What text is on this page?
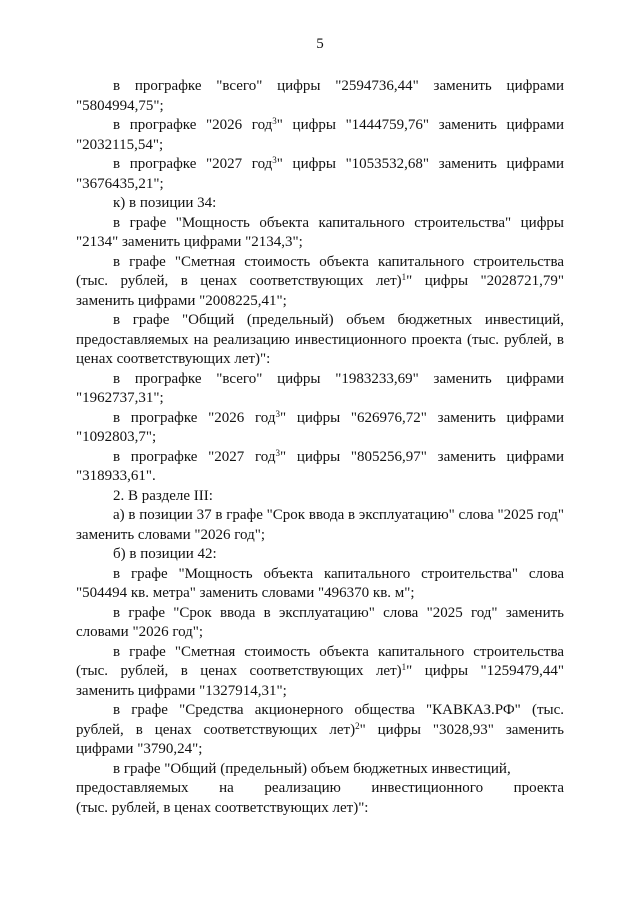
5

в прографке "всего" цифры "2594736,44" заменить цифрами "5804994,75";

в прографке "2026 год$^3$" цифры "1444759,76" заменить цифрами "2032115,54";

в прографке "2027 год$^3$" цифры "1053532,68" заменить цифрами "3676435,21";

к) в позиции 34:

в графе "Мощность объекта капитального строительства" цифры "2134" заменить цифрами "2134,3";

в графе "Сметная стоимость объекта капитального строительства (тыс. рублей, в ценах соответствующих лет)$^1$" цифры "2028721,79" заменить цифрами "2008225,41";

в графе "Общий (предельный) объем бюджетных инвестиций, предоставляемых на реализацию инвестиционного проекта (тыс. рублей, в ценах соответствующих лет)":

в прографке "всего" цифры "1983233,69" заменить цифрами "1962737,31";

в прографке "2026 год$^3$" цифры "626976,72" заменить цифрами "1092803,7";

в прографке "2027 год$^3$" цифры "805256,97" заменить цифрами "318933,61".

2. В разделе III:

а) в позиции 37 в графе "Срок ввода в эксплуатацию" слова "2025 год" заменить словами "2026 год";

б) в позиции 42:

в графе "Мощность объекта капитального строительства" слова "504494 кв. метра" заменить словами "496370 кв. м";

в графе "Срок ввода в эксплуатацию" слова "2025 год" заменить словами "2026 год";

в графе "Сметная стоимость объекта капитального строительства (тыс. рублей, в ценах соответствующих лет)$^1$" цифры "1259479,44" заменить цифрами "1327914,31";

в графе "Средства акционерного общества "КАВКАЗ.РФ" (тыс. рублей, в ценах соответствующих лет)$^2$" цифры "3028,93" заменить цифрами "3790,24";

в графе "Общий (предельный) объем бюджетных инвестиций,

предоставляемых на реализацию инвестиционного проекта

(тыс. рублей, в ценах соответствующих лет)":
